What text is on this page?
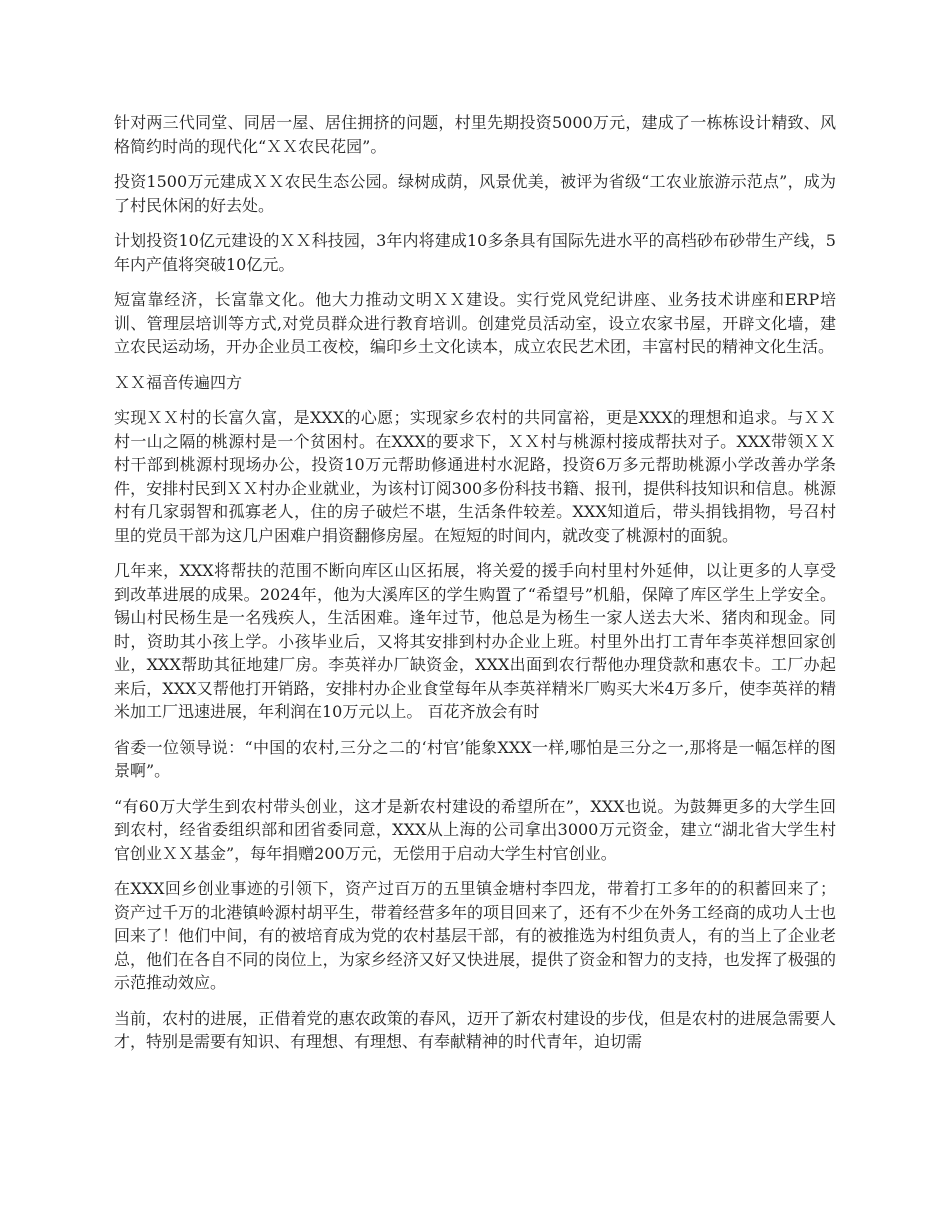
针对两三代同堂、同居一屋、居住拥挤的问题，村里先期投资5000万元，建成了一栋栋设计精致、风格简约时尚的现代化“ＸＸ农民花园”。

投资1500万元建成ＸＸ农民生态公园。绿树成荫，风景优美，被评为省级“工农业旅游示范点”，成为了村民休闲的好去处。

计划投资10亿元建设的ＸＸ科技园，3年内将建成10多条具有国际先进水平的高档砂布砂带生产线，5年内产值将突破10亿元。

短富靠经济，长富靠文化。他大力推动文明ＸＸ建设。实行党风党纪讲座、业务技术讲座和ERP培训、管理层培训等方式,对党员群众进行教育培训。创建党员活动室，设立农家书屋，开辟文化墙，建立农民运动场，开办企业员工夜校，编印乡土文化读本，成立农民艺术团，丰富村民的精神文化生活。

ＸＸ福音传遍四方

实现ＸＸ村的长富久富，是XXX的心愿；实现家乡农村的共同富裕，更是XXX的理想和追求。与ＸＸ村一山之隔的桃源村是一个贫困村。在XXX的要求下，ＸＸ村与桃源村接成帮扶对子。XXX带领ＸＸ村干部到桃源村现场办公，投资10万元帮助修通进村水泥路，投资6万多元帮助桃源小学改善办学条件，安排村民到ＸＸ村办企业就业，为该村订阅300多份科技书籍、报刊，提供科技知识和信息。桃源村有几家弱智和孤寡老人，住的房子破烂不堪，生活条件较差。XXX知道后，带头捐钱捐物，号召村里的党员干部为这几户困难户捐资翻修房屋。在短短的时间内，就改变了桃源村的面貌。

几年来，XXX将帮扶的范围不断向库区山区拓展，将关爱的援手向村里村外延伸，以让更多的人享受到改革进展的成果。2024年，他为大溪库区的学生购置了“希望号”机船，保障了库区学生上学安全。锡山村民杨生是一名残疾人，生活困难。逢年过节，他总是为杨生一家人送去大米、猪肉和现金。同时，资助其小孩上学。小孩毕业后，又将其安排到村办企业上班。村里外出打工青年李英祥想回家创业，XXX帮助其征地建厂房。李英祥办厂缺资金，XXX出面到农行帮他办理贷款和惠农卡。工厂办起来后，XXX又帮他打开销路，安排村办企业食堂每年从李英祥精米厂购买大米4万多斤，使李英祥的精米加工厂迅速进展，年利润在10万元以上。 百花齐放会有时

省委一位领导说：“中国的农村,三分之二的‘村官’能象XXX一样,哪怕是三分之一,那将是一幅怎样的图景啊”。

“有60万大学生到农村带头创业，这才是新农村建设的希望所在”，XXX也说。为鼓舞更多的大学生回到农村，经省委组织部和团省委同意，XXX从上海的公司拿出3000万元资金，建立“湖北省大学生村官创业ＸＸ基金”，每年捐赠200万元，无偿用于启动大学生村官创业。

在XXX回乡创业事迹的引领下，资产过百万的五里镇金塘村李四龙，带着打工多年的的积蓄回来了；资产过千万的北港镇岭源村胡平生，带着经营多年的项目回来了，还有不少在外务工经商的成功人士也回来了！他们中间，有的被培育成为党的农村基层干部，有的被推选为村组负责人，有的当上了企业老总，他们在各自不同的岗位上，为家乡经济又好又快进展，提供了资金和智力的支持，也发挥了极强的示范推动效应。

当前，农村的进展，正借着党的惠农政策的春风，迈开了新农村建设的步伐，但是农村的进展急需要人才，特别是需要有知识、有理想、有理想、有奉献精神的时代青年，迫切需
